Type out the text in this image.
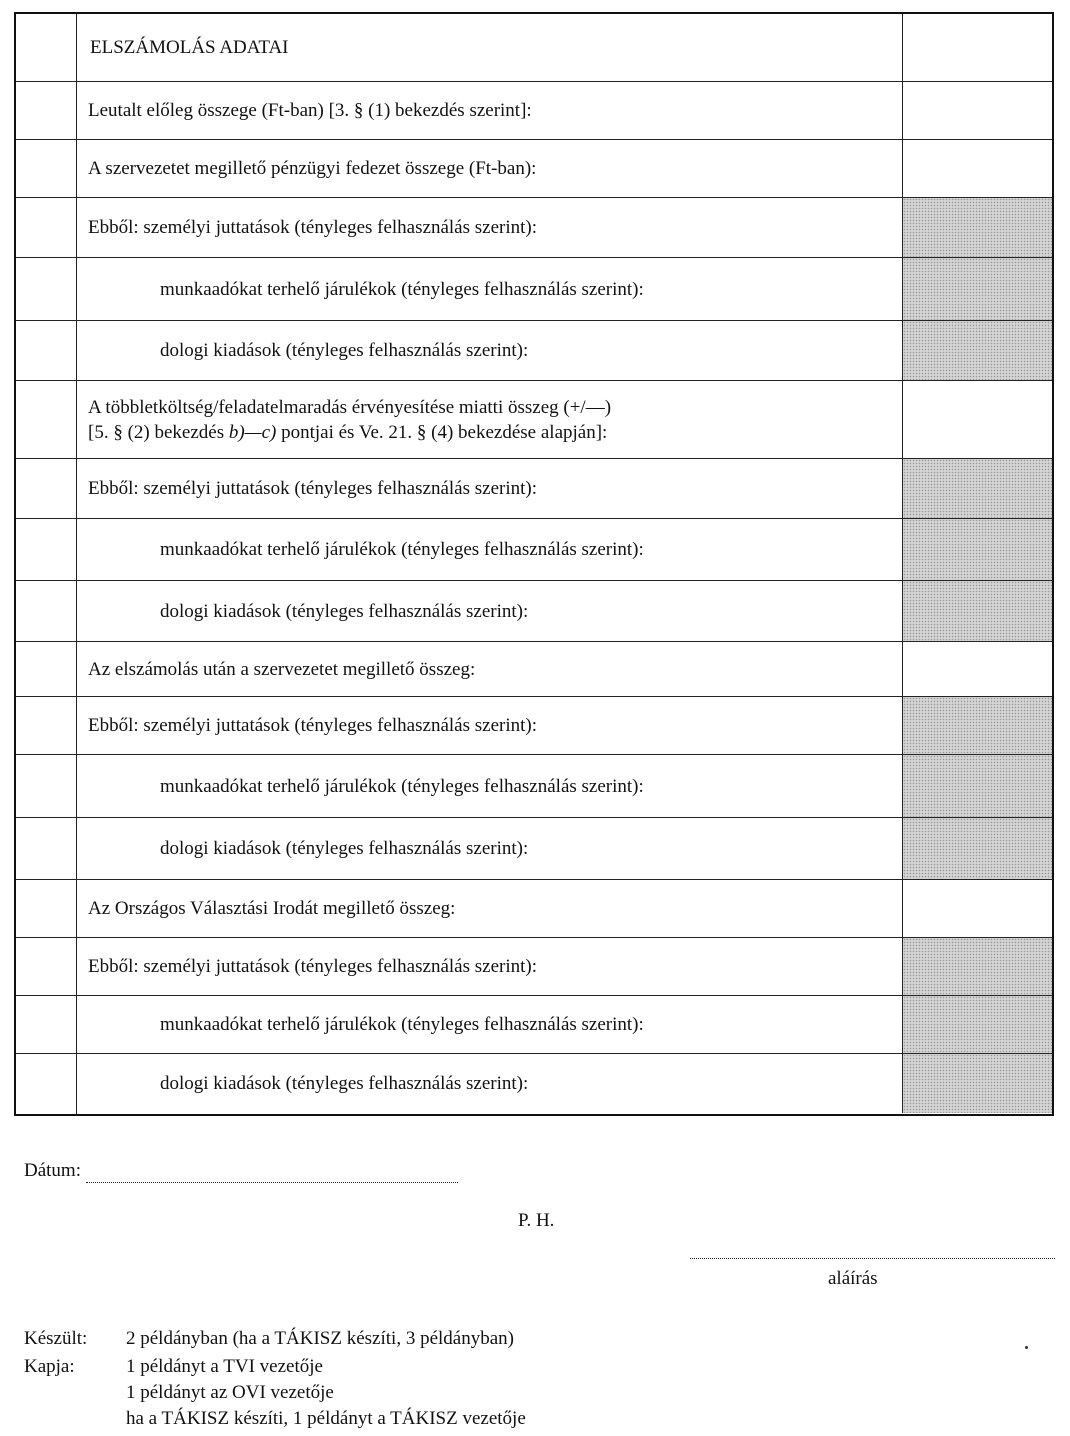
ELSZÁMOLÁS ADATAI
Leutalt előleg összege (Ft-ban) [3. § (1) bekezdés szerint]:
A szervezetet megillető pénzügyi fedezet összege (Ft-ban):
Ebből: személyi juttatások (tényleges felhasználás szerint):
munkaadókat terhelő járulékok (tényleges felhasználás szerint):
dologi kiadások (tényleges felhasználás szerint):
A többletköltség/feladatelmaradás érvényesítése miatti összeg (+/—)
[5. § (2) bekezdés b)—c) pontjai és Ve. 21. § (4) bekezdése alapján]:
Ebből: személyi juttatások (tényleges felhasználás szerint):
munkaadókat terhelő járulékok (tényleges felhasználás szerint):
dologi kiadások (tényleges felhasználás szerint):
Az elszámolás után a szervezetet megillető összeg:
Ebből: személyi juttatások (tényleges felhasználás szerint):
munkaadókat terhelő járulékok (tényleges felhasználás szerint):
dologi kiadások (tényleges felhasználás szerint):
Az Országos Választási Irodát megillető összeg:
Ebből: személyi juttatások (tényleges felhasználás szerint):
munkaadókat terhelő járulékok (tényleges felhasználás szerint):
dologi kiadások (tényleges felhasználás szerint):
Dátum:
P. H.
aláírás
Készült: 2 példányban (ha a TÁKISZ készíti, 3 példányban)
Kapja:	1 példányt a TVI vezetője
1 példányt az OVI vezetője
ha a TÁKISZ készíti, 1 példányt a TÁKISZ vezetője
